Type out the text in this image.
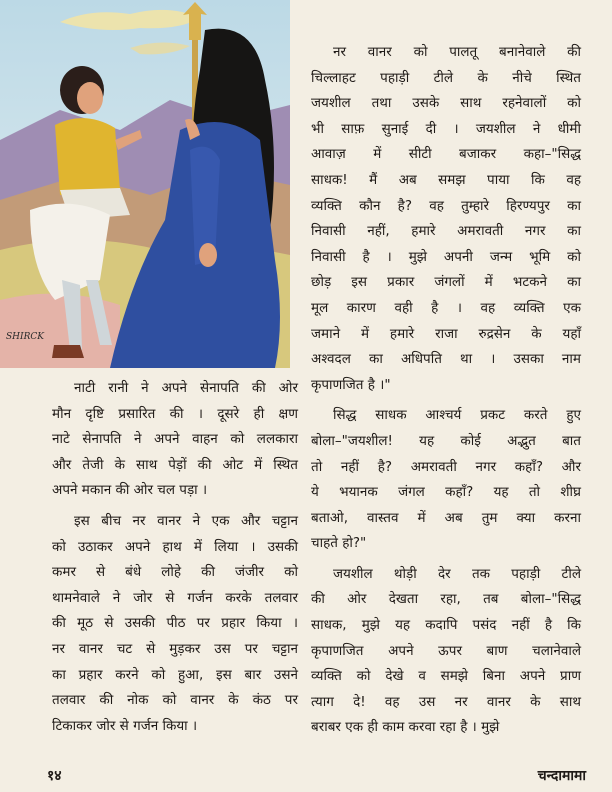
SHIRCK

नाटी रानी ने अपने सेनापति की ओर
मौन दृष्टि प्रसारित की । दूसरे ही क्षण
नाटे सेनापति ने अपने वाहन को ललकारा
और तेजी के साथ पेड़ों की ओट में स्थित
अपने मकान की ओर चल पड़ा ।

इस बीच नर वानर ने एक और चट्टान
को उठाकर अपने हाथ में लिया । उसकी
कमर से बंधे लोहे की जंजीर को
थामनेवाले ने जोर से गर्जन करके तलवार
की मूठ से उसकी पीठ पर प्रहार किया ।
नर वानर चट से मुड़कर उस पर चट्टान
का प्रहार करने को हुआ, इस बार उसने
तलवार की नोक को वानर के कंठ पर
टिकाकर जोर से गर्जन किया ।

नर वानर को पालतू बनानेवाले की
चिल्लाहट पहाड़ी टीले के नीचे स्थित
जयशील तथा उसके साथ रहनेवालों को
भी साफ़ सुनाई दी । जयशील ने धीमी
आवाज़ में सीटी बजाकर कहा–"सिद्ध
साधक! मैं अब समझ पाया कि वह
व्यक्ति कौन है? वह तुम्हारे हिरण्यपुर का
निवासी नहीं, हमारे अमरावती नगर का
निवासी है । मुझे अपनी जन्म भूमि को
छोड़ इस प्रकार जंगलों में भटकने का
मूल कारण वही है । वह व्यक्ति एक
जमाने में हमारे राजा रुद्रसेन के यहाँ
अश्वदल का अधिपति था । उसका नाम
कृपाणजित है ।"

सिद्ध साधक आश्चर्य प्रकट करते हुए
बोला–"जयशील! यह कोई अद्भुत बात
तो नहीं है? अमरावती नगर कहाँ? और
ये भयानक जंगल कहाँ? यह तो शीघ्र
बताओ, वास्तव में अब तुम क्या करना
चाहते हो?"

जयशील थोड़ी देर तक पहाड़ी टीले
की ओर देखता रहा, तब बोला–"सिद्ध
साधक, मुझे यह कदापि पसंद नहीं है कि
कृपाणजित अपने ऊपर बाण चलानेवाले
व्यक्ति को देखे व समझे बिना अपने प्राण
त्याग दे! वह उस नर वानर के साथ
बराबर एक ही काम करवा रहा है । मुझे

१४	चन्दामामा
